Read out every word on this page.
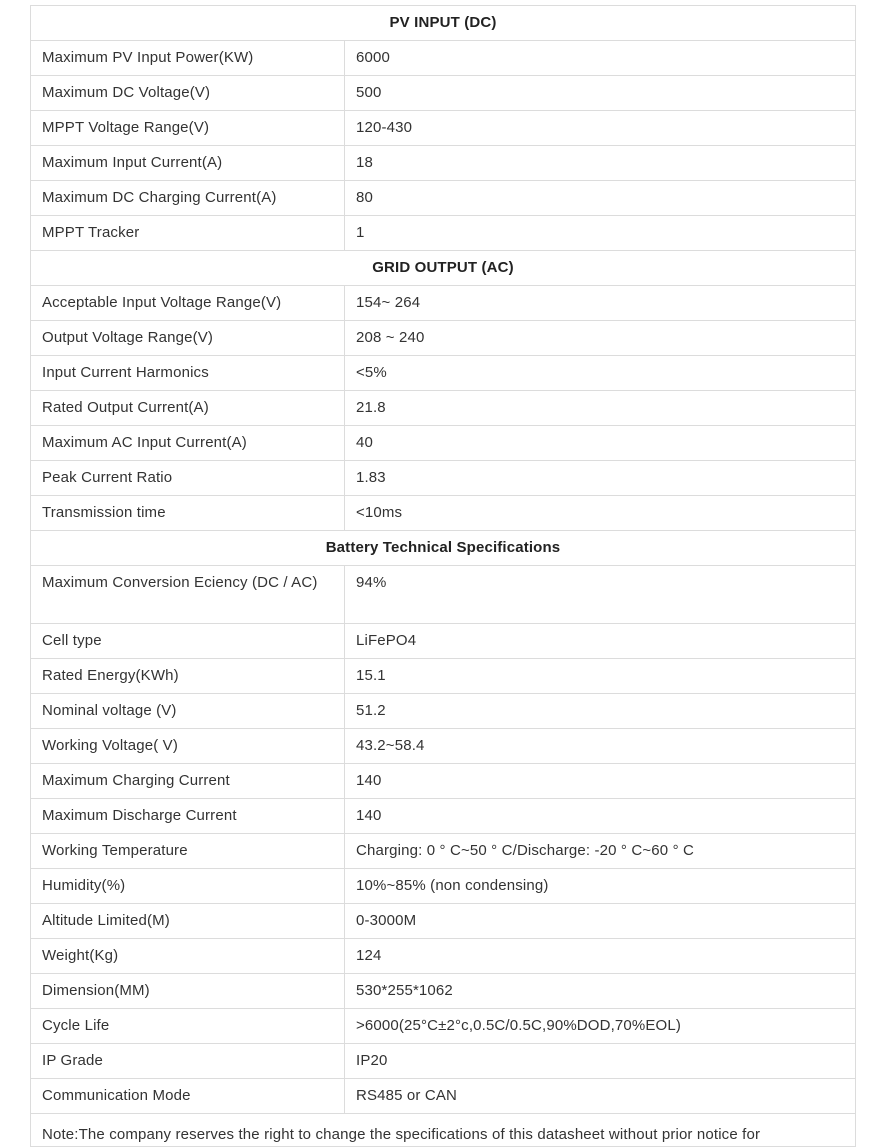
PV INPUT (DC)	
Maximum PV Input Power(KW)	6000
Maximum DC Voltage(V)	500
MPPT Voltage Range(V)	120-430
Maximum Input Current(A)	18
Maximum DC Charging Current(A)	80
MPPT Tracker	1
GRID OUTPUT (AC)	
Acceptable Input Voltage Range(V)	154~ 264
Output Voltage Range(V)	208 ~ 240
Input Current Harmonics	<5%
Rated Output Current(A)	21.8
Maximum AC Input Current(A)	40
Peak Current Ratio	1.83
Transmission time	<10ms
Battery Technical Specifications	
Maximum Conversion Eciency (DC / AC)	94%
Cell type	LiFePO4
Rated Energy(KWh)	15.1
Nominal voltage (V)	51.2
Working Voltage( V)	43.2~58.4
Maximum Charging Current	140
Maximum Discharge Current	140
Working Temperature	Charging: 0 ° C~50 ° C/Discharge: -20 ° C~60 ° C
Humidity(%)	10%~85% (non condensing)
Altitude Limited(M)	0-3000M
Weight(Kg)	124
Dimension(MM)	530*255*1062
Cycle Life	>6000(25°C±2°c,0.5C/0.5C,90%DOD,70%EOL)
IP Grade	IP20
Communication Mode	RS485 or CAN
Note:The company reserves the right to change the specifications of this datasheet without prior notice for	
